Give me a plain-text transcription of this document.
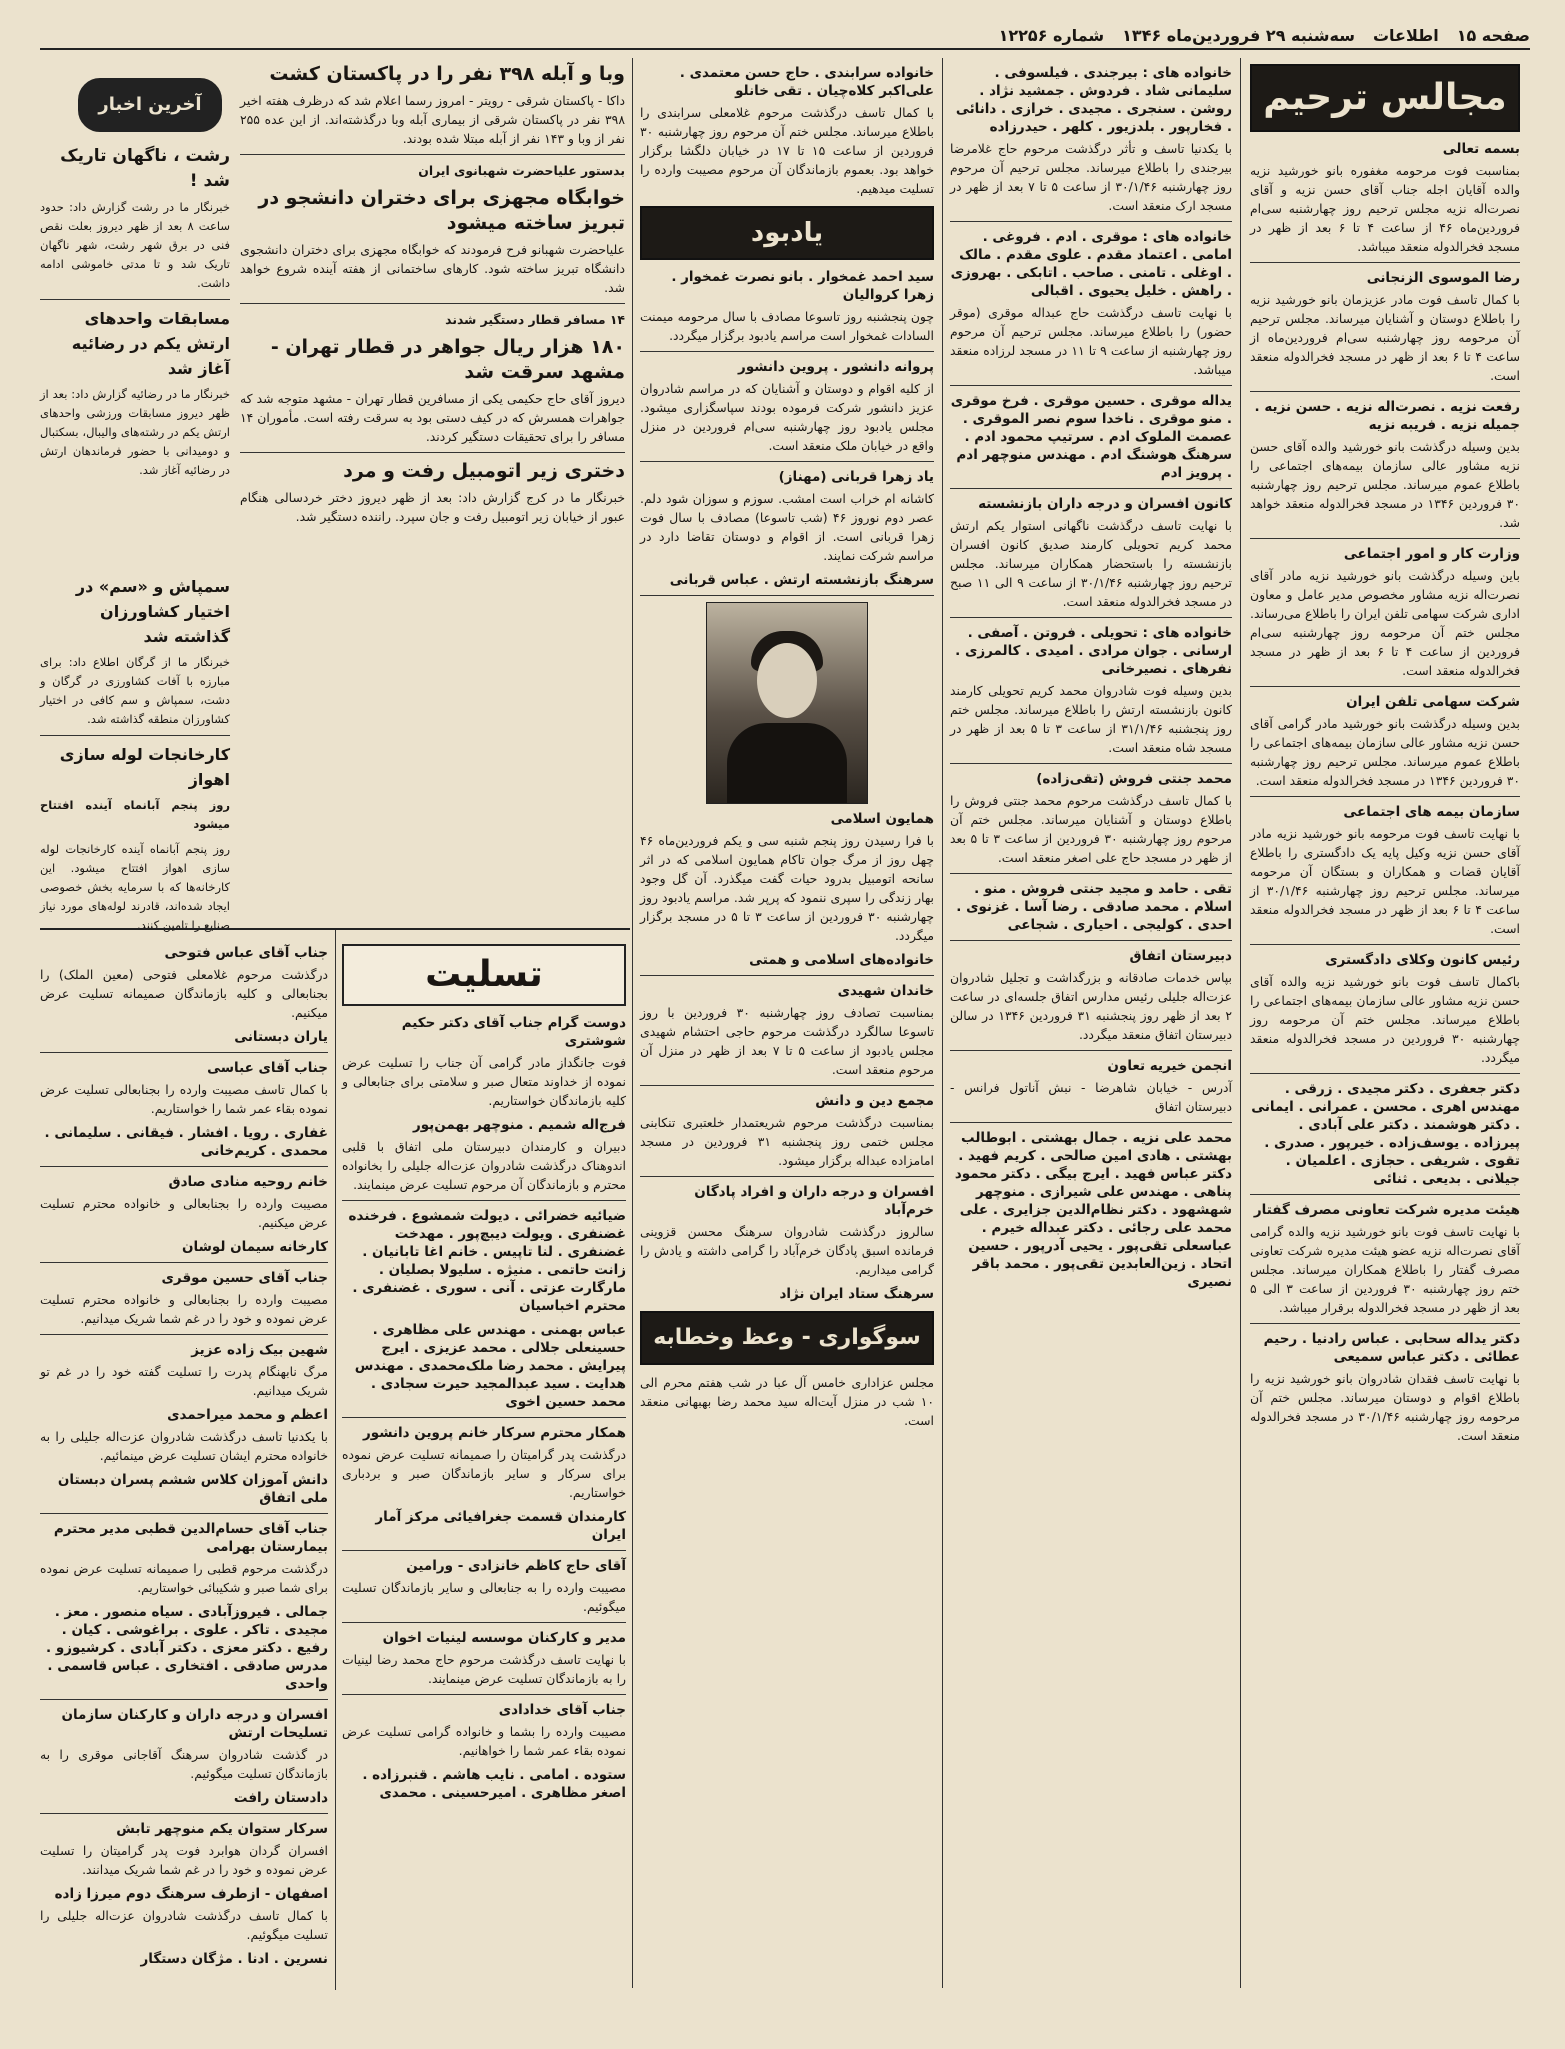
صفحه ۱۵
اطلاعات
سه‌شنبه ۲۹ فروردین‌ماه ۱۳۴۶
شماره ۱۲۲۵۶
مجالس ترحیم
بسمه تعالی

بمناسبت فوت مرحومه مغفوره بانو خورشید نزیه والده آقایان اجله جناب آقای حسن نزیه و آقای نصرت‌اله نزیه مجلس ترحیم روز چهارشنبه سی‌ام فروردین‌ماه ۴۶ از ساعت ۴ تا ۶ بعد از ظهر در مسجد فخرالدوله منعقد میباشد.

رضا الموسوی الزنجانی

با کمال تاسف فوت مادر عزیزمان بانو خورشید نزیه را باطلاع دوستان و آشنایان میرساند. مجلس ترحیم آن مرحومه روز چهارشنبه سی‌ام فروردین‌ماه از ساعت ۴ تا ۶ بعد از ظهر در مسجد فخرالدوله منعقد است.

رفعت نزیه . نصرت‌اله نزیه . حسن نزیه . جمیله نزیه . فریبه نزیه

بدین وسیله درگذشت بانو خورشید والده آقای حسن نزیه مشاور عالی سازمان بیمه‌های اجتماعی را باطلاع عموم میرساند. مجلس ترحیم روز چهارشنبه ۳۰ فروردین ۱۳۴۶ در مسجد فخرالدوله منعقد خواهد شد.

وزارت کار و امور اجتماعی

باین وسیله درگذشت بانو خورشید نزیه مادر آقای نصرت‌اله نزیه مشاور مخصوص مدیر عامل و معاون اداری شرکت سهامی تلفن ایران را باطلاع می‌رساند. مجلس ختم آن مرحومه روز چهارشنبه سی‌ام فروردین از ساعت ۴ تا ۶ بعد از ظهر در مسجد فخرالدوله منعقد است.

شرکت سهامی تلفن ایران

بدین وسیله درگذشت بانو خورشید مادر گرامی آقای حسن نزیه مشاور عالی سازمان بیمه‌های اجتماعی را باطلاع عموم میرساند. مجلس ترحیم روز چهارشنبه ۳۰ فروردین ۱۳۴۶ در مسجد فخرالدوله منعقد است.

سازمان بیمه های اجتماعی

با نهایت تاسف فوت مرحومه بانو خورشید نزیه مادر آقای حسن نزیه وکیل پایه یک دادگستری را باطلاع آقایان قضات و همکاران و بستگان آن مرحومه میرساند. مجلس ترحیم روز چهارشنبه ۳۰/۱/۴۶ از ساعت ۴ تا ۶ بعد از ظهر در مسجد فخرالدوله منعقد است.

رئیس کانون وکلای دادگستری

باکمال تاسف فوت بانو خورشید نزیه والده آقای حسن نزیه مشاور عالی سازمان بیمه‌های اجتماعی را باطلاع میرساند. مجلس ختم آن مرحومه روز چهارشنبه ۳۰ فروردین در مسجد فخرالدوله منعقد میگردد.

دکتر جعفری . دکتر مجیدی . زرقی . مهندس اهری . محسن . عمرانی . ایمانی . دکتر هوشمند . دکتر علی آبادی . پیرزاده . یوسف‌زاده . خیرپور . صدری . تقوی . شریفی . حجازی . اعلمیان . جیلانی . بدیعی . ثنائی
هیئت مدیره شرکت تعاونی مصرف گفتار

با نهایت تاسف فوت بانو خورشید نزیه والده گرامی آقای نصرت‌اله نزیه عضو هیئت مدیره شرکت تعاونی مصرف گفتار را باطلاع همکاران میرساند. مجلس ختم روز چهارشنبه ۳۰ فروردین از ساعت ۳ الی ۵ بعد از ظهر در مسجد فخرالدوله برقرار میباشد.

دکتر یداله سحابی . عباس رادنیا . رحیم عطائی . دکتر عباس سمیعی

با نهایت تاسف فقدان شادروان بانو خورشید نزیه را باطلاع اقوام و دوستان میرساند. مجلس ختم آن مرحومه روز چهارشنبه ۳۰/۱/۴۶ در مسجد فخرالدوله منعقد است.

خانواده های : بیرجندی . فیلسوفی . سلیمانی شاد . فردوش . جمشید نژاد . روشن . سنجری . مجیدی . خرازی . دانائی . فخارپور . بلدزیور . کلهر . حیدرزاده

با یکدنیا تاسف و تأثر درگذشت مرحوم حاج غلامرضا بیرجندی را باطلاع میرساند. مجلس ترحیم آن مرحوم روز چهارشنبه ۳۰/۱/۴۶ از ساعت ۵ تا ۷ بعد از ظهر در مسجد ارک منعقد است.

خانواده های : موقری . ادم . فروغی . امامی . اعتماد مقدم . علوی مقدم . مالک . اوغلی . تامنی . صاحب . اتابکی . بهروزی . راهش . خلیل یحیوی . اقبالی

با نهایت تاسف درگذشت حاج عبداله موقری (موقر حضور) را باطلاع میرساند. مجلس ترحیم آن مرحوم روز چهارشنبه از ساعت ۹ تا ۱۱ در مسجد لرزاده منعقد میباشد.

یداله موقری . حسین موقری . فرخ موقری . منو موقری . ناخدا سوم نصر الموقری . عصمت الملوک ادم . سرتیپ محمود ادم . سرهنگ هوشنگ ادم . مهندس منوچهر ادم . پرویز ادم
کانون افسران و درجه داران بازنشسته

با نهایت تاسف درگذشت ناگهانی استوار یکم ارتش محمد کریم تحویلی کارمند صدیق کانون افسران بازنشسته را باستحضار همکاران میرساند. مجلس ترحیم روز چهارشنبه ۳۰/۱/۴۶ از ساعت ۹ الی ۱۱ صبح در مسجد فخرالدوله منعقد است.

خانواده های : تحویلی . فروتن . آصفی . ارسانی . جوان مرادی . امیدی . کالمرزی . نفرهای . نصیرخانی

بدین وسیله فوت شادروان محمد کریم تحویلی کارمند کانون بازنشسته ارتش را باطلاع میرساند. مجلس ختم روز پنجشنبه ۳۱/۱/۴۶ از ساعت ۳ تا ۵ بعد از ظهر در مسجد شاه منعقد است.

محمد جنتی فروش (تقی‌زاده)

با کمال تاسف درگذشت مرحوم محمد جنتی فروش را باطلاع دوستان و آشنایان میرساند. مجلس ختم آن مرحوم روز چهارشنبه ۳۰ فروردین از ساعت ۳ تا ۵ بعد از ظهر در مسجد حاج علی اصغر منعقد است.

تقی . حامد و مجید جنتی فروش . منو . اسلام . محمد صادقی . رضا آسا . غزنوی . احدی . کولیجی . احیاری . شجاعی
دبیرستان اتفاق

بپاس خدمات صادقانه و بزرگداشت و تجلیل شادروان عزت‌اله جلیلی رئیس مدارس اتفاق جلسه‌ای در ساعت ۲ بعد از ظهر روز پنجشنبه ۳۱ فروردین ۱۳۴۶ در سالن دبیرستان اتفاق منعقد میگردد.

انجمن خیریه تعاون

آدرس - خیابان شاهرضا - نبش آناتول فرانس - دبیرستان اتفاق

محمد علی نزیه . جمال بهشتی . ابوطالب بهشتی . هادی امین صالحی . کریم فهید . دکتر عباس فهید . ایرج بیگی . دکتر محمود پناهی . مهندس علی شیرازی . منوچهر شهشهود . دکتر نظام‌الدین جزایری . علی محمد علی رجائی . دکتر عبداله خیرم . عباسعلی تقی‌پور . یحیی آدرپور . حسین اتحاد . زین‌العابدین تقی‌پور . محمد باقر نصیری
خانواده سرابندی . حاج حسن معتمدی . علی‌اکبر کلاه‌چیان . تقی خانلو

با کمال تاسف درگذشت مرحوم غلامعلی سرابندی را باطلاع میرساند. مجلس ختم آن مرحوم روز چهارشنبه ۳۰ فروردین از ساعت ۱۵ تا ۱۷ در خیابان دلگشا برگزار خواهد بود. بعموم بازماندگان آن مرحوم مصیبت وارده را تسلیت میدهیم.

یادبود
سید احمد غمخوار . بانو نصرت غمخوار . زهرا کروالیان

چون پنجشنبه روز تاسوعا مصادف با سال مرحومه میمنت السادات غمخوار است مراسم یادبود برگزار میگردد.

پروانه دانشور . پروین دانشور

از کلیه اقوام و دوستان و آشنایان که در مراسم شادروان عزیز دانشور شرکت فرموده بودند سپاسگزاری میشود. مجلس یادبود روز چهارشنبه سی‌ام فروردین در منزل واقع در خیابان ملک منعقد است.

یاد زهرا قربانی (مهناز)

کاشانه ام خراب است امشب. سوزم و سوزان شود دلم. عصر دوم نوروز ۴۶ (شب تاسوعا) مصادف با سال فوت زهرا قربانی است. از اقوام و دوستان تقاضا دارد در مراسم شرکت نمایند.

سرهنگ بازنشسته ارتش . عباس قربانی
همایون اسلامی

با فرا رسیدن روز پنجم شنبه سی و یکم فروردین‌ماه ۴۶ چهل روز از مرگ جوان تاکام همایون اسلامی که در اثر سانحه اتومبیل بدرود حیات گفت میگذرد. آن گل وجود بهار زندگی را سپری ننمود که پرپر شد. مراسم یادبود روز چهارشنبه ۳۰ فروردین از ساعت ۳ تا ۵ در مسجد برگزار میگردد.

خانواده‌های اسلامی و همتی
خاندان شهیدی

بمناسبت تصادف روز چهارشنبه ۳۰ فروردین با روز تاسوعا سالگرد درگذشت مرحوم حاجی احتشام شهیدی مجلس یادبود از ساعت ۵ تا ۷ بعد از ظهر در منزل آن مرحوم منعقد است.

مجمع دین و دانش

بمناسبت درگذشت مرحوم شریعتمدار خلعتبری تنکابنی مجلس ختمی روز پنجشنبه ۳۱ فروردین در مسجد امامزاده عبداله برگزار میشود.

افسران و درجه داران و افراد پادگان خرم‌آباد

سالروز درگذشت شادروان سرهنگ محسن قزوینی فرمانده اسبق پادگان خرم‌آباد را گرامی داشته و یادش را گرامی میداریم.

سرهنگ ستاد ایران نژاد
سوگواری - وعظ وخطابه

مجلس عزاداری خامس آل عبا در شب هفتم محرم الی ۱۰ شب در منزل آیت‌اله سید محمد رضا بهبهانی منعقد است.

آخرین اخبار
وبا و آبله ۳۹۸ نفر را در پاکستان کشت

داکا - پاکستان شرقی - رویتر - امروز رسما اعلام شد که درظرف هفته اخیر ۳۹۸ نفر در پاکستان شرقی از بیماری آبله وبا درگذشته‌اند. از این عده ۲۵۵ نفر از وبا و ۱۴۳ نفر از آبله مبتلا شده بودند.

بدستور علیاحضرت شهبانوی ایران

خوابگاه مجهزی برای دختران دانشجو در تبریز ساخته میشود

علیاحضرت شهبانو فرح فرمودند که خوابگاه مجهزی برای دختران دانشجوی دانشگاه تبریز ساخته شود. کارهای ساختمانی از هفته آینده شروع خواهد شد.

۱۴ مسافر قطار دستگیر شدند

۱۸۰ هزار ریال جواهر در قطار تهران - مشهد سرقت شد

دیروز آقای حاج حکیمی یکی از مسافرین قطار تهران - مشهد متوجه شد که جواهرات همسرش که در کیف دستی بود به سرقت رفته است. مأموران ۱۴ مسافر را برای تحقیقات دستگیر کردند.

دختری زیر اتومبیل رفت و مرد

خبرنگار ما در کرج گزارش داد: بعد از ظهر دیروز دختر خردسالی هنگام عبور از خیابان زیر اتومبیل رفت و جان سپرد. راننده دستگیر شد.

رشت ، ناگهان تاریک شد !

خبرنگار ما در رشت گزارش داد: حدود ساعت ۸ بعد از ظهر دیروز بعلت نقص فنی در برق شهر رشت، شهر ناگهان تاریک شد و تا مدتی خاموشی ادامه داشت.

مسابقات واحدهای ارتش یکم در رضائیه آغاز شد

خبرنگار ما در رضائیه گزارش داد: بعد از ظهر دیروز مسابقات ورزشی واحدهای ارتش یکم در رشته‌های والیبال، بسکتبال و دومیدانی با حضور فرماندهان ارتش در رضائیه آغاز شد.

سمپاش و «سم» در اختیار کشاورزان گذاشته شد

خبرنگار ما از گرگان اطلاع داد: برای مبارزه با آفات کشاورزی در گرگان و دشت، سمپاش و سم کافی در اختیار کشاورزان منطقه گذاشته شد.

کارخانجات لوله سازی اهواز

روز پنجم آبانماه آینده افتتاح میشود

روز پنجم آبانماه آینده کارخانجات لوله سازی اهواز افتتاح میشود. این کارخانه‌ها که با سرمایه بخش خصوصی ایجاد شده‌اند، قادرند لوله‌های مورد نیاز صنایع را تامین کنند.

تسلیت
دوست گرام جناب آقای دکتر حکیم شوشتری

فوت جانگداز مادر گرامی آن جناب را تسلیت عرض نموده از خداوند متعال صبر و سلامتی برای جنابعالی و کلیه بازماندگان خواستاریم.

فرج‌اله شمیم . منوچهر بهمن‌پور

دبیران و کارمندان دبیرستان ملی اتفاق با قلبی اندوهناک درگذشت شادروان عزت‌اله جلیلی را بخانواده محترم و بازماندگان آن مرحوم تسلیت عرض مینمایند.

ضیائیه خضرائی . دیولت شمشوع . فرخنده غضنفری . ویولت دیبچ‌پور . مهدخت غضنفری . لنا تاپیس . خانم اغا تابانیان . زانت حاتمی . منیژه . سلیولا بصلیان . مارگارت عزتی . آنی . سوری . غضنفری . محترم اخباسیان
عباس بهمنی . مهندس علی مظاهری . حسینعلی جلالی . محمد عزیزی . ایرج پیرایش . محمد رضا ملک‌محمدی . مهندس هدایت . سید عبدالمجید حیرت سجادی . محمد حسین اخوی
همکار محترم سرکار خانم پروین دانشور

درگذشت پدر گرامیتان را صمیمانه تسلیت عرض نموده برای سرکار و سایر بازماندگان صبر و بردباری خواستاریم.

کارمندان قسمت جغرافیائی مرکز آمار ایران
آقای حاج کاظم خانزادی - ورامین

مصیبت وارده را به جنابعالی و سایر بازماندگان تسلیت میگوئیم.

مدیر و کارکنان موسسه لینیات اخوان

با نهایت تاسف درگذشت مرحوم حاج محمد رضا لینیات را به بازماندگان تسلیت عرض مینمایند.

جناب آقای خدادادی

مصیبت وارده را بشما و خانواده گرامی تسلیت عرض نموده بقاء عمر شما را خواهانیم.

ستوده . امامی . نایب هاشم . قنبرزاده . اصغر مظاهری . امیرحسینی . محمدی
جناب آقای عباس فتوحی

درگذشت مرحوم غلامعلی فتوحی (معین الملک) را بجنابعالی و کلیه بازماندگان صمیمانه تسلیت عرض میکنیم.

یاران دبستانی
جناب آقای عباسی

با کمال تاسف مصیبت وارده را بجنابعالی تسلیت عرض نموده بقاء عمر شما را خواستاریم.

غفاری . رویا . افشار . فیقانی . سلیمانی . محمدی . کریم‌خانی
خانم روحیه منادی صادق

مصیبت وارده را بجنابعالی و خانواده محترم تسلیت عرض میکنیم.

کارخانه سیمان لوشان
جناب آقای حسین موقری

مصیبت وارده را بجنابعالی و خانواده محترم تسلیت عرض نموده و خود را در غم شما شریک میدانیم.

شهین بیک زاده عزیز

مرگ نابهنگام پدرت را تسلیت گفته خود را در غم تو شریک میدانیم.

اعظم و محمد میراحمدی

با یکدنیا تاسف درگذشت شادروان عزت‌اله جلیلی را به خانواده محترم ایشان تسلیت عرض مینمائیم.

دانش آموزان کلاس ششم پسران دبستان ملی اتفاق
جناب آقای حسام‌الدین قطبی مدیر محترم بیمارستان بهرامی

درگذشت مرحوم قطبی را صمیمانه تسلیت عرض نموده برای شما صبر و شکیبائی خواستاریم.

جمالی . فیروزآبادی . سیاه منصور . معز . مجیدی . تاکر . علوی . براغوشی . کیان . رفیع . دکتر معزی . دکتر آبادی . کرشیوزو . مدرس صادقی . افتخاری . عباس قاسمی . واحدی
افسران و درجه داران و کارکنان سازمان تسلیحات ارتش

در گذشت شادروان سرهنگ آقاجانی موقری را به بازماندگان تسلیت میگوئیم.

دادستان رافت
سرکار ستوان یکم منوچهر تابش

افسران گردان هوابرد فوت پدر گرامیتان را تسلیت عرض نموده و خود را در غم شما شریک میدانند.

اصفهان - ازطرف سرهنگ دوم میرزا زاده

با کمال تاسف درگذشت شادروان عزت‌اله جلیلی را تسلیت میگوئیم.

نسرین . ادنا . مژگان دستگار
